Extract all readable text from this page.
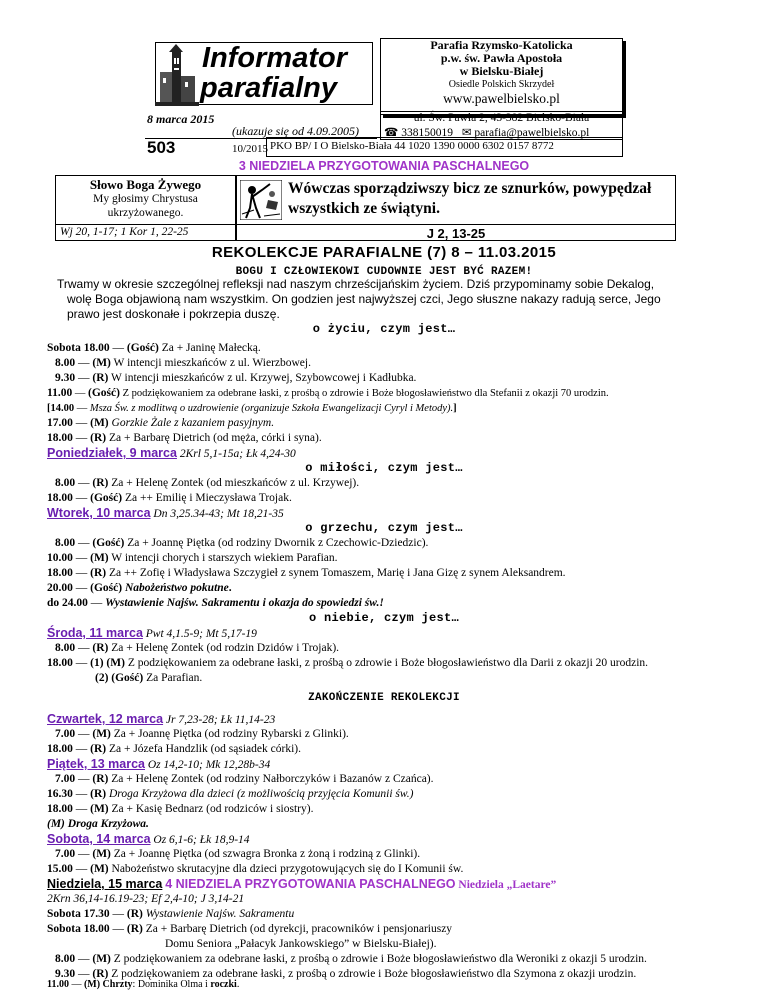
Informator
parafialny
8 marca 2015
(ukazuje się od 4.09.2005)
503	10/2015
Parafia Rzymsko-Katolicka
p.w. św. Pawła Apostoła
w Bielsku-Białej
Osiedle Polskich Skrzydeł
www.pawelbielsko.pl
ul. Św. Pawła 2, 43-382 Bielsko-Biała
☎ 338150019 ✉ parafia@pawelbielsko.pl
PKO BP/ I O Bielsko-Biała 44 1020 1390 0000 6302 0157 8772
3 NIEDZIELA PRZYGOTOWANIA PASCHALNEGO
Słowo Boga Żywego
My głosimy Chrystusa
ukrzyżowanego.
Wj 20, 1-17; 1 Kor 1, 22-25
Wówczas sporządziwszy bicz ze sznurków, powypędzał
wszystkich ze świątyni.
J 2, 13-25
REKOLEKCJE PARAFIALNE (7) 8 – 11.03.2015
BOGU I CZŁOWIEKOWI CUDOWNIE JEST BYĆ RAZEM!
Trwamy w okresie szczególnej refleksji nad naszym chrześcijańskim życiem. Dziś przypominamy sobie Dekalog,
wolę Boga objawioną nam wszystkim. On godzien jest najwyższej czci, Jego słuszne nakazy radują serce, Jego
prawo jest doskonałe i pokrzepia duszę.
o życiu, czym jest…
Sobota 18.00 — (Gość) Za + Janinę Małecką.
8.00 — (M) W intencji mieszkańców z ul. Wierzbowej.
9.30 — (R) W intencji mieszkańców z ul. Krzywej, Szybowcowej i Kadłubka.
11.00 — (Gość) Z podziękowaniem za odebrane łaski, z prośbą o zdrowie i Boże błogosławieństwo dla Stefanii z okazji 70 urodzin.
[14.00 — Msza Św. z modlitwą o uzdrowienie (organizuje Szkoła Ewangelizacji Cyryl i Metody).]
17.00 — (M) Gorzkie Żale z kazaniem pasyjnym.
18.00 — (R) Za + Barbarę Dietrich (od męża, córki i syna).
Poniedziałek, 9 marca 2Krl 5,1-15a; Łk 4,24-30
o miłości, czym jest…
8.00 — (R) Za + Helenę Zontek (od mieszkańców z ul. Krzywej).
18.00 — (Gość) Za ++ Emilię i Mieczysława Trojak.
Wtorek, 10 marca Dn 3,25.34-43; Mt 18,21-35
o grzechu, czym jest…
8.00 — (Gość) Za + Joannę Piętka (od rodziny Dwornik z Czechowic-Dziedzic).
10.00 — (M) W intencji chorych i starszych wiekiem Parafian.
18.00 — (R) Za ++ Zofię i Władysława Szczygieł z synem Tomaszem, Marię i Jana Gizę z synem Aleksandrem.
20.00 — (Gość) Nabożeństwo pokutne.
do 24.00 — Wystawienie Najśw. Sakramentu i okazja do spowiedzi św.!
o niebie, czym jest…
Środa, 11 marca Pwt 4,1.5-9; Mt 5,17-19
8.00 — (R) Za + Helenę Zontek (od rodzin Dzidów i Trojak).
18.00 — (1) (M) Z podziękowaniem za odebrane łaski, z prośbą o zdrowie i Boże błogosławieństwo dla Darii z okazji 20 urodzin.
(2) (Gość) Za Parafian.
ZAKOŃCZENIE REKOLEKCJI
Czwartek, 12 marca Jr 7,23-28; Łk 11,14-23
7.00 — (M) Za + Joannę Piętka (od rodziny Rybarski z Glinki).
18.00 — (R) Za + Józefa Handzlik (od sąsiadek córki).
Piątek, 13 marca Oz 14,2-10; Mk 12,28b-34
7.00 — (R) Za + Helenę Zontek (od rodziny Nałborczyków i Bazanów z Czańca).
16.30 — (R) Droga Krzyżowa dla dzieci (z możliwością przyjęcia Komunii św.)
18.00 — (M) Za + Kasię Bednarz (od rodziców i siostry).
(M) Droga Krzyżowa.
Sobota, 14 marca Oz 6,1-6; Łk 18,9-14
7.00 — (M) Za + Joannę Piętka (od szwagra Bronka z żoną i rodziną z Glinki).
15.00 — (M) Nabożeństwo skrutacyjne dla dzieci przygotowujących się do I Komunii św.
Niedziela, 15 marca 4 NIEDZIELA PRZYGOTOWANIA PASCHALNEGO Niedziela „Laetare”
2Krn 36,14-16.19-23; Ef 2,4-10; J 3,14-21
Sobota 17.30 — (R) Wystawienie Najśw. Sakramentu
Sobota 18.00 — (R) Za + Barbarę Dietrich (od dyrekcji, pracowników i pensjonariuszy
Domu Seniora „Pałacyk Jankowskiego” w Bielsku-Białej).
8.00 — (M) Z podziękowaniem za odebrane łaski, z prośbą o zdrowie i Boże błogosławieństwo dla Weroniki z okazji 5 urodzin.
9.30 — (R) Z podziękowaniem za odebrane łaski, z prośbą o zdrowie i Boże błogosławieństwo dla Szymona z okazji urodzin.
11.00 — (M) Chrzty: Dominika Olma i roczki.
